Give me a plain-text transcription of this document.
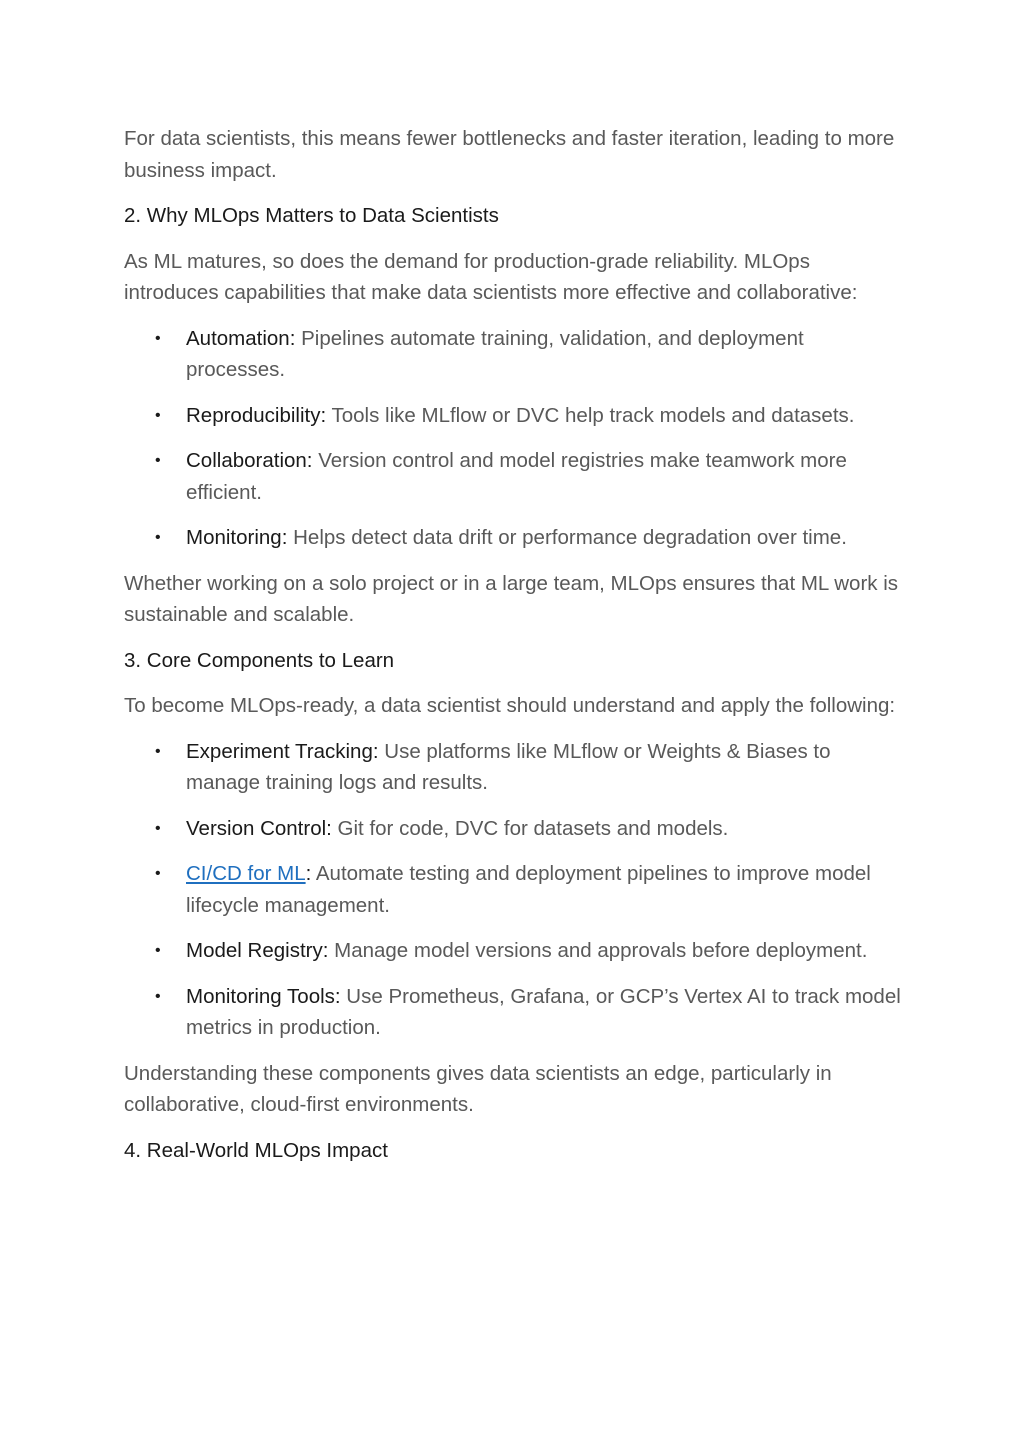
For data scientists, this means fewer bottlenecks and faster iteration, leading to more business impact.

2. Why MLOps Matters to Data Scientists

As ML matures, so does the demand for production-grade reliability. MLOps introduces capabilities that make data scientists more effective and collaborative:

• Automation: Pipelines automate training, validation, and deployment processes.
• Reproducibility: Tools like MLflow or DVC help track models and datasets.
• Collaboration: Version control and model registries make teamwork more efficient.
• Monitoring: Helps detect data drift or performance degradation over time.

Whether working on a solo project or in a large team, MLOps ensures that ML work is sustainable and scalable.

3. Core Components to Learn

To become MLOps-ready, a data scientist should understand and apply the following:

• Experiment Tracking: Use platforms like MLflow or Weights & Biases to manage training logs and results.
• Version Control: Git for code, DVC for datasets and models.
• CI/CD for ML: Automate testing and deployment pipelines to improve model lifecycle management.
• Model Registry: Manage model versions and approvals before deployment.
• Monitoring Tools: Use Prometheus, Grafana, or GCP’s Vertex AI to track model metrics in production.

Understanding these components gives data scientists an edge, particularly in collaborative, cloud-first environments.

4. Real-World MLOps Impact
